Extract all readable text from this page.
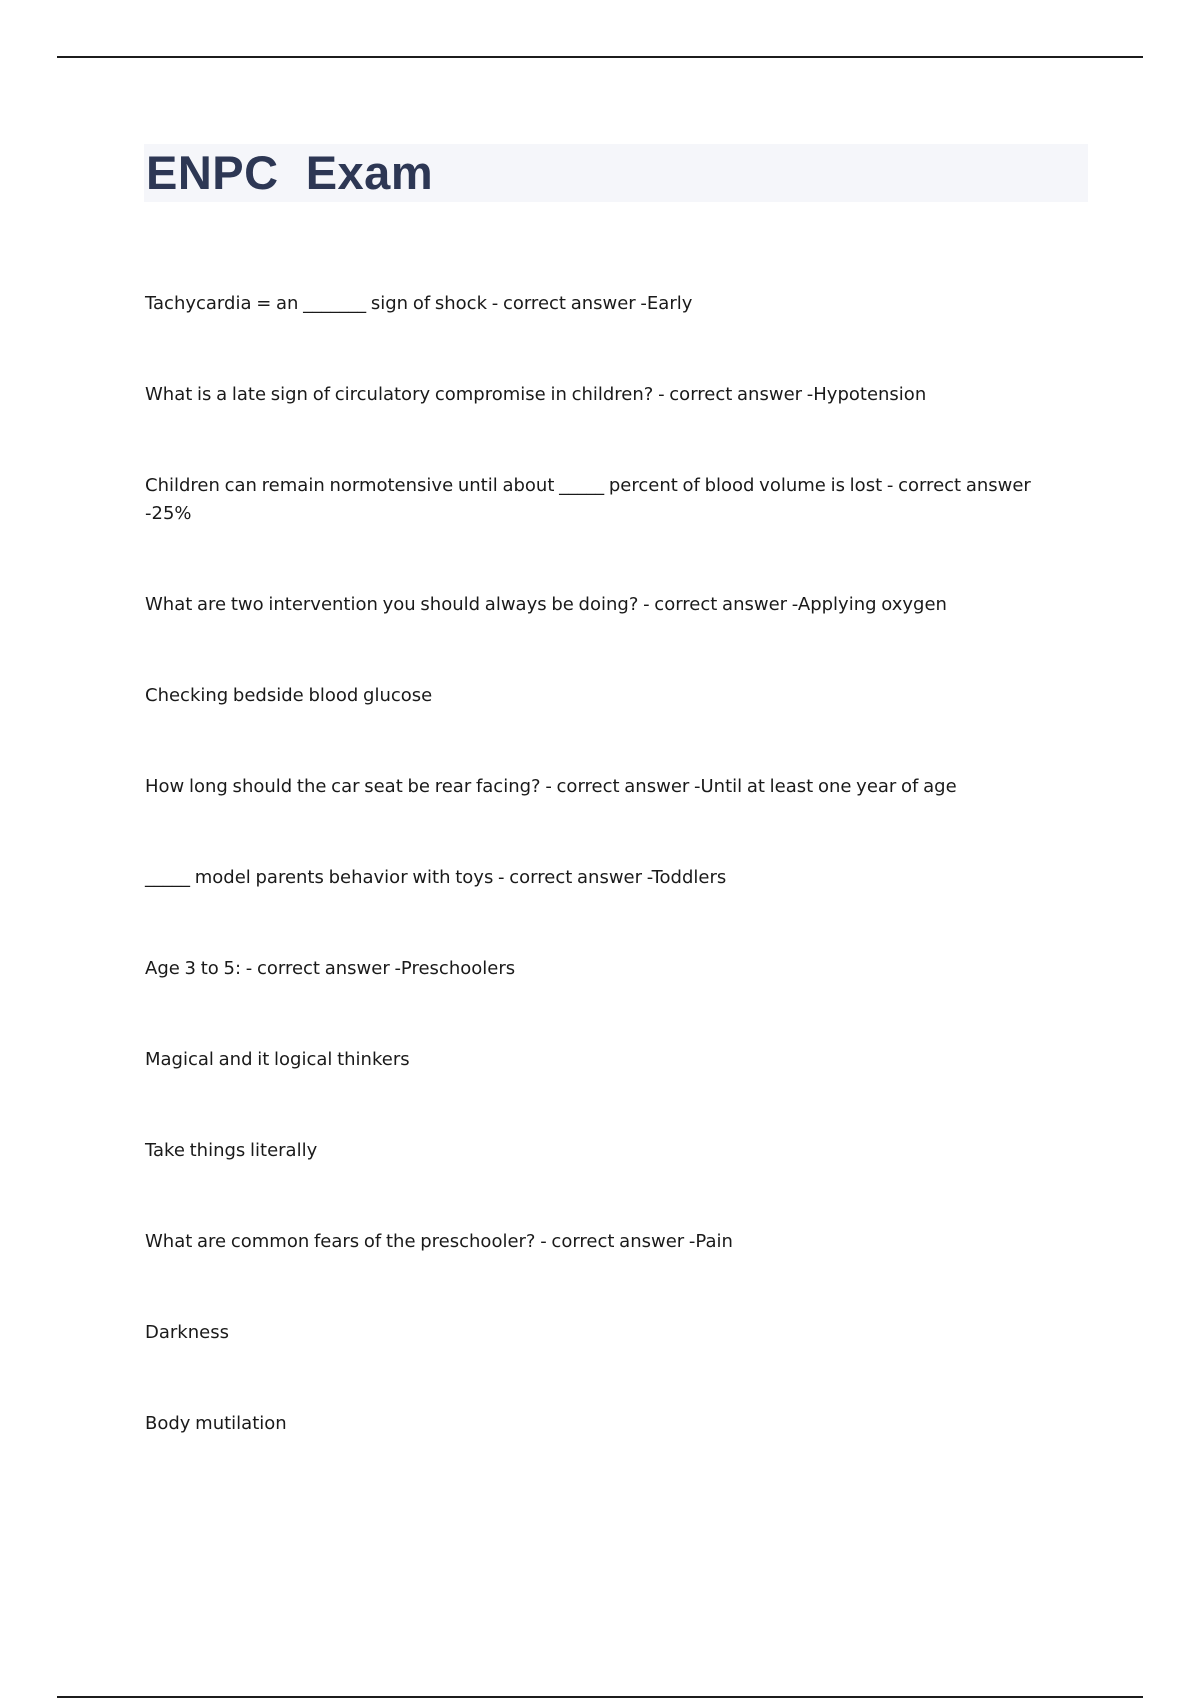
ENPC  Exam
Tachycardia = an _______ sign of shock - correct answer -Early
What is a late sign of circulatory compromise in children? - correct answer -Hypotension
Children can remain normotensive until about _____ percent of blood volume is lost - correct answer -25%
What are two intervention you should always be doing? - correct answer -Applying oxygen
Checking bedside blood glucose
How long should the car seat be rear facing? - correct answer -Until at least one year of age
_____ model parents behavior with toys - correct answer -Toddlers
Age 3 to 5: - correct answer -Preschoolers
Magical and it logical thinkers
Take things literally
What are common fears of the preschooler? - correct answer -Pain
Darkness
Body mutilation
